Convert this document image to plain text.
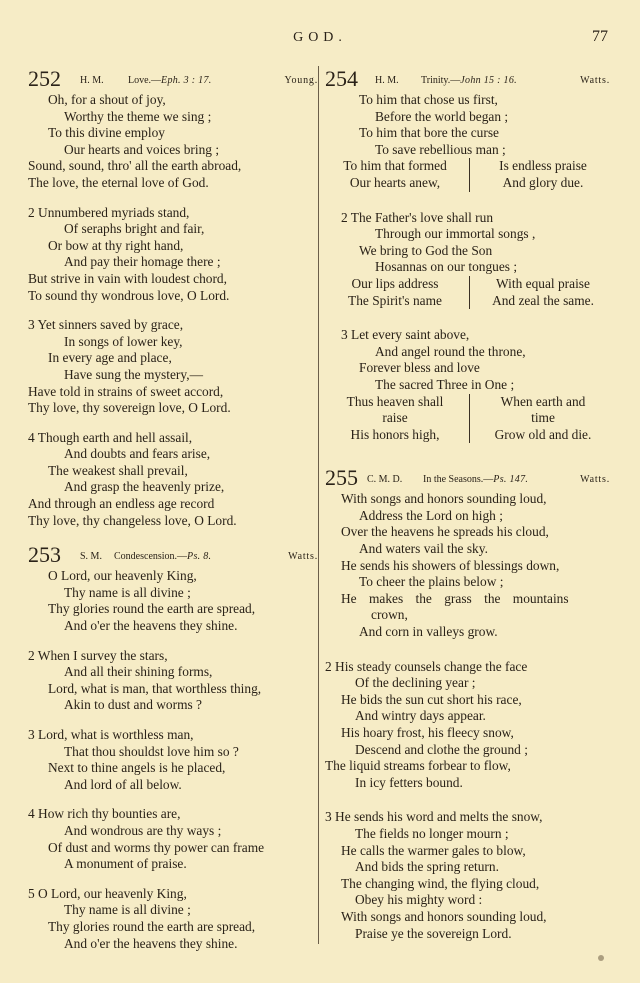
GOD.	77
252 H. M. Love.—Eph. 3 : 17.	Young.
Oh, for a shout of joy,
Worthy the theme we sing ;
To this divine employ
Our hearts and voices bring ;
Sound, sound, thro' all the earth abroad,
The love, the eternal love of God.
2 Unnumbered myriads stand,
Of seraphs bright and fair,
Or bow at thy right hand,
And pay their homage there ;
But strive in vain with loudest chord,
To sound thy wondrous love, O Lord.
3 Yet sinners saved by grace,
In songs of lower key,
In every age and place,
Have sung the mystery,—
Have told in strains of sweet accord,
Thy love, thy sovereign love, O Lord.
4 Though earth and hell assail,
And doubts and fears arise,
The weakest shall prevail,
And grasp the heavenly prize,
And through an endless age record
Thy love, thy changeless love, O Lord.
253 S. M. Condescension.—Ps. 8.	Watts.
O Lord, our heavenly King,
Thy name is all divine ;
Thy glories round the earth are spread,
And o'er the heavens they shine.
2 When I survey the stars,
And all their shining forms,
Lord, what is man, that worthless thing,
Akin to dust and worms ?
3 Lord, what is worthless man,
That thou shouldst love him so ?
Next to thine angels is he placed,
And lord of all below.
4 How rich thy bounties are,
And wondrous are thy ways ;
Of dust and worms thy power can frame
A monument of praise.
5 O Lord, our heavenly King,
Thy name is all divine ;
Thy glories round the earth are spread,
And o'er the heavens they shine.
254 H. M. Trinity.—John 15 : 16.	Watts.
To him that chose us first,
Before the world began ;
To him that bore the curse
To save rebellious man ;
To him that formed	Is endless praise
Our hearts anew,	And glory due.
2 The Father's love shall run
Through our immortal songs ,
We bring to God the Son
Hosannas on our tongues ;
Our lips address	With equal praise
The Spirit's name	And zeal the same.
3 Let every saint above,
And angel round the throne,
Forever bless and love
The sacred Three in One ;
Thus heaven shall	When earth and
raise	time
His honors high,	Grow old and die.
255 C. M. D. In the Seasons.—Ps. 147.	Watts.
With songs and honors sounding loud,
Address the Lord on high ;
Over the heavens he spreads his cloud,
And waters vail the sky.
He sends his showers of blessings down,
To cheer the plains below ;
He makes the grass the mountains
crown,
And corn in valleys grow.
2 His steady counsels change the face
Of the declining year ;
He bids the sun cut short his race,
And wintry days appear.
His hoary frost, his fleecy snow,
Descend and clothe the ground ;
The liquid streams forbear to flow,
In icy fetters bound.
3 He sends his word and melts the snow,
The fields no longer mourn ;
He calls the warmer gales to blow,
And bids the spring return.
The changing wind, the flying cloud,
Obey his mighty word :
With songs and honors sounding loud,
Praise ye the sovereign Lord.
